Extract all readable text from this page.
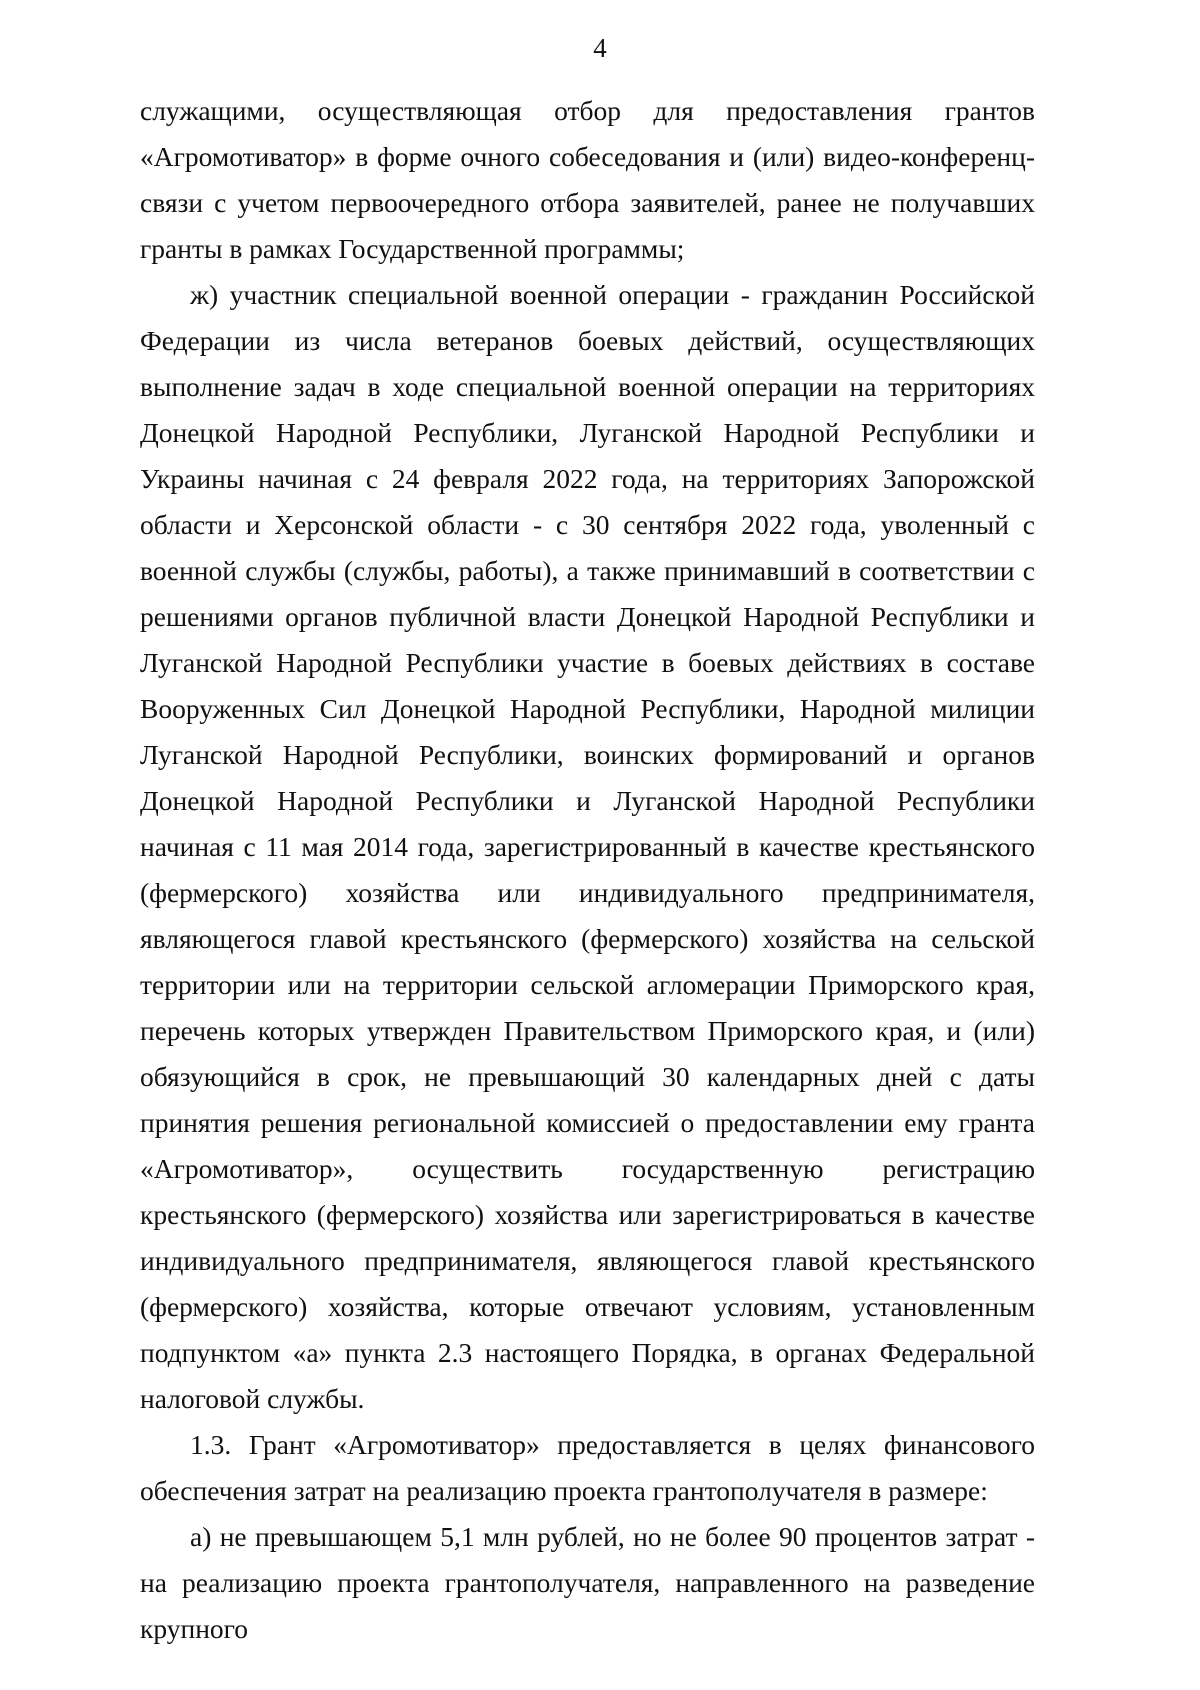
4

служащими, осуществляющая отбор для предоставления грантов «Агромотиватор» в форме очного собеседования и (или) видео-конференц-связи с учетом первоочередного отбора заявителей, ранее не получавших гранты в рамках Государственной программы;

ж) участник специальной военной операции - гражданин Российской Федерации из числа ветеранов боевых действий, осуществляющих выполнение задач в ходе специальной военной операции на территориях Донецкой Народной Республики, Луганской Народной Республики и Украины начиная с 24 февраля 2022 года, на территориях Запорожской области и Херсонской области - с 30 сентября 2022 года, уволенный с военной службы (службы, работы), а также принимавший в соответствии с решениями органов публичной власти Донецкой Народной Республики и Луганской Народной Республики участие в боевых действиях в составе Вооруженных Сил Донецкой Народной Республики, Народной милиции Луганской Народной Республики, воинских формирований и органов Донецкой Народной Республики и Луганской Народной Республики начиная с 11 мая 2014 года, зарегистрированный в качестве крестьянского (фермерского) хозяйства или индивидуального предпринимателя, являющегося главой крестьянского (фермерского) хозяйства на сельской территории или на территории сельской агломерации Приморского края, перечень которых утвержден Правительством Приморского края, и (или) обязующийся в срок, не превышающий 30 календарных дней с даты принятия решения региональной комиссией о предоставлении ему гранта «Агромотиватор», осуществить государственную регистрацию крестьянского (фермерского) хозяйства или зарегистрироваться в качестве индивидуального предпринимателя, являющегося главой крестьянского (фермерского) хозяйства, которые отвечают условиям, установленным подпунктом «а» пункта 2.3 настоящего Порядка, в органах Федеральной налоговой службы.

1.3. Грант «Агромотиватор» предоставляется в целях финансового обеспечения затрат на реализацию проекта грантополучателя в размере:

а) не превышающем 5,1 млн рублей, но не более 90 процентов затрат - на реализацию проекта грантополучателя, направленного на разведение крупного
